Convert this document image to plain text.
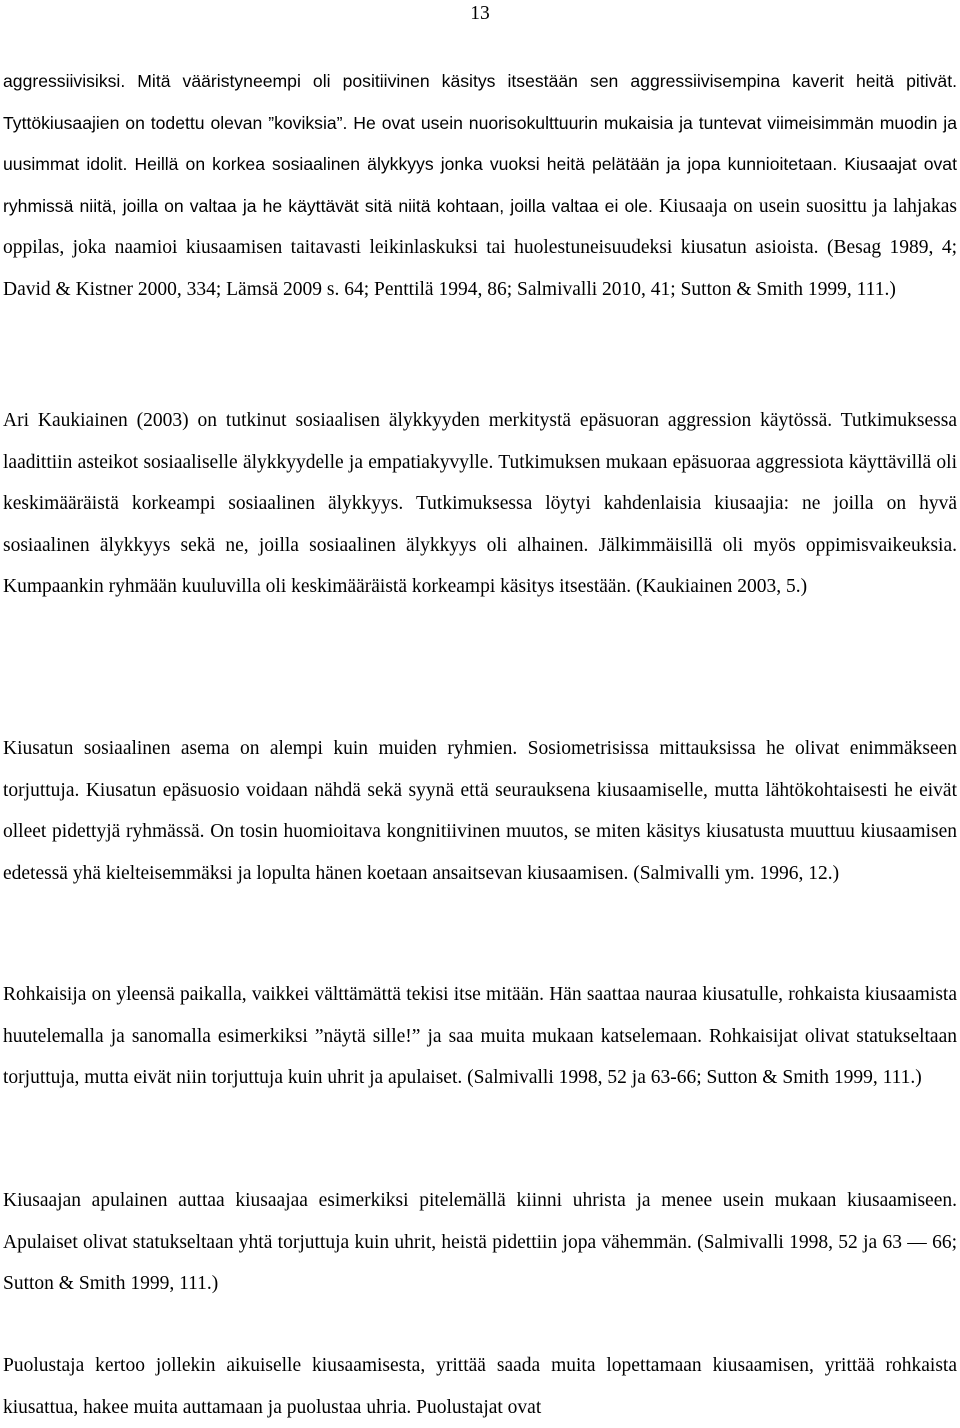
13

aggressiivisiksi. Mitä vääristyneempi oli positiivinen käsitys itsestään sen aggressiivisempina kaverit heitä pitivät. Tyttökiusaajien on todettu olevan ”koviksia”. He ovat usein nuorisokulttuurin mukaisia ja tuntevat viimeisimmän muodin ja uusimmat idolit. Heillä on korkea sosiaalinen älykkyys jonka vuoksi heitä pelätään ja jopa kunnioitetaan. Kiusaajat ovat ryhmissä niitä, joilla on valtaa ja he käyttävät sitä niitä kohtaan, joilla valtaa ei ole. Kiusaaja on usein suosittu ja lahjakas oppilas, joka naamioi kiusaamisen taitavasti leikinlaskuksi tai huolestuneisuudeksi kiusatun asioista. (Besag 1989, 4; David & Kistner 2000, 334; Lämsä 2009 s. 64; Penttilä 1994, 86; Salmivalli 2010, 41; Sutton & Smith 1999, 111.)

Ari Kaukiainen (2003) on tutkinut sosiaalisen älykkyyden merkitystä epäsuoran aggression käytössä. Tutkimuksessa laadittiin asteikot sosiaaliselle älykkyydelle ja empatiakyvylle. Tutkimuksen mukaan epäsuoraa aggressiota käyttävillä oli keskimääräistä korkeampi sosiaalinen älykkyys. Tutkimuksessa löytyi kahdenlaisia kiusaajia: ne joilla on hyvä sosiaalinen älykkyys sekä ne, joilla sosiaalinen älykkyys oli alhainen. Jälkimmäisillä oli myös oppimisvaikeuksia. Kumpaankin ryhmään kuuluvilla oli keskimääräistä korkeampi käsitys itsestään. (Kaukiainen 2003, 5.)

Kiusatun sosiaalinen asema on alempi kuin muiden ryhmien. Sosiometrisissa mittauksissa he olivat enimmäkseen torjuttuja. Kiusatun epäsuosio voidaan nähdä sekä syynä että seurauksena kiusaamiselle, mutta lähtökohtaisesti he eivät olleet pidettyjä ryhmässä. On tosin huomioitava kongnitiivinen muutos, se miten käsitys kiusatusta muuttuu kiusaamisen edetessä yhä kielteisemmäksi ja lopulta hänen koetaan ansaitsevan kiusaamisen. (Salmivalli ym. 1996, 12.)

Rohkaisija on yleensä paikalla, vaikkei välttämättä tekisi itse mitään. Hän saattaa nauraa kiusatulle, rohkaista kiusaamista huutelemalla ja sanomalla esimerkiksi ”näytä sille!” ja saa muita mukaan katselemaan. Rohkaisijat olivat statukseltaan torjuttuja, mutta eivät niin torjuttuja kuin uhrit ja apulaiset. (Salmivalli 1998, 52 ja 63-66; Sutton & Smith 1999, 111.)

Kiusaajan apulainen auttaa kiusaajaa esimerkiksi pitelemällä kiinni uhrista ja menee usein mukaan kiusaamiseen. Apulaiset olivat statukseltaan yhtä torjuttuja kuin uhrit, heistä pidettiin jopa vähemmän. (Salmivalli 1998, 52 ja 63 — 66; Sutton & Smith 1999, 111.)

Puolustaja kertoo jollekin aikuiselle kiusaamisesta, yrittää saada muita lopettamaan kiusaamisen, yrittää rohkaista kiusattua, hakee muita auttamaan ja puolustaa uhria. Puolustajat ovat
